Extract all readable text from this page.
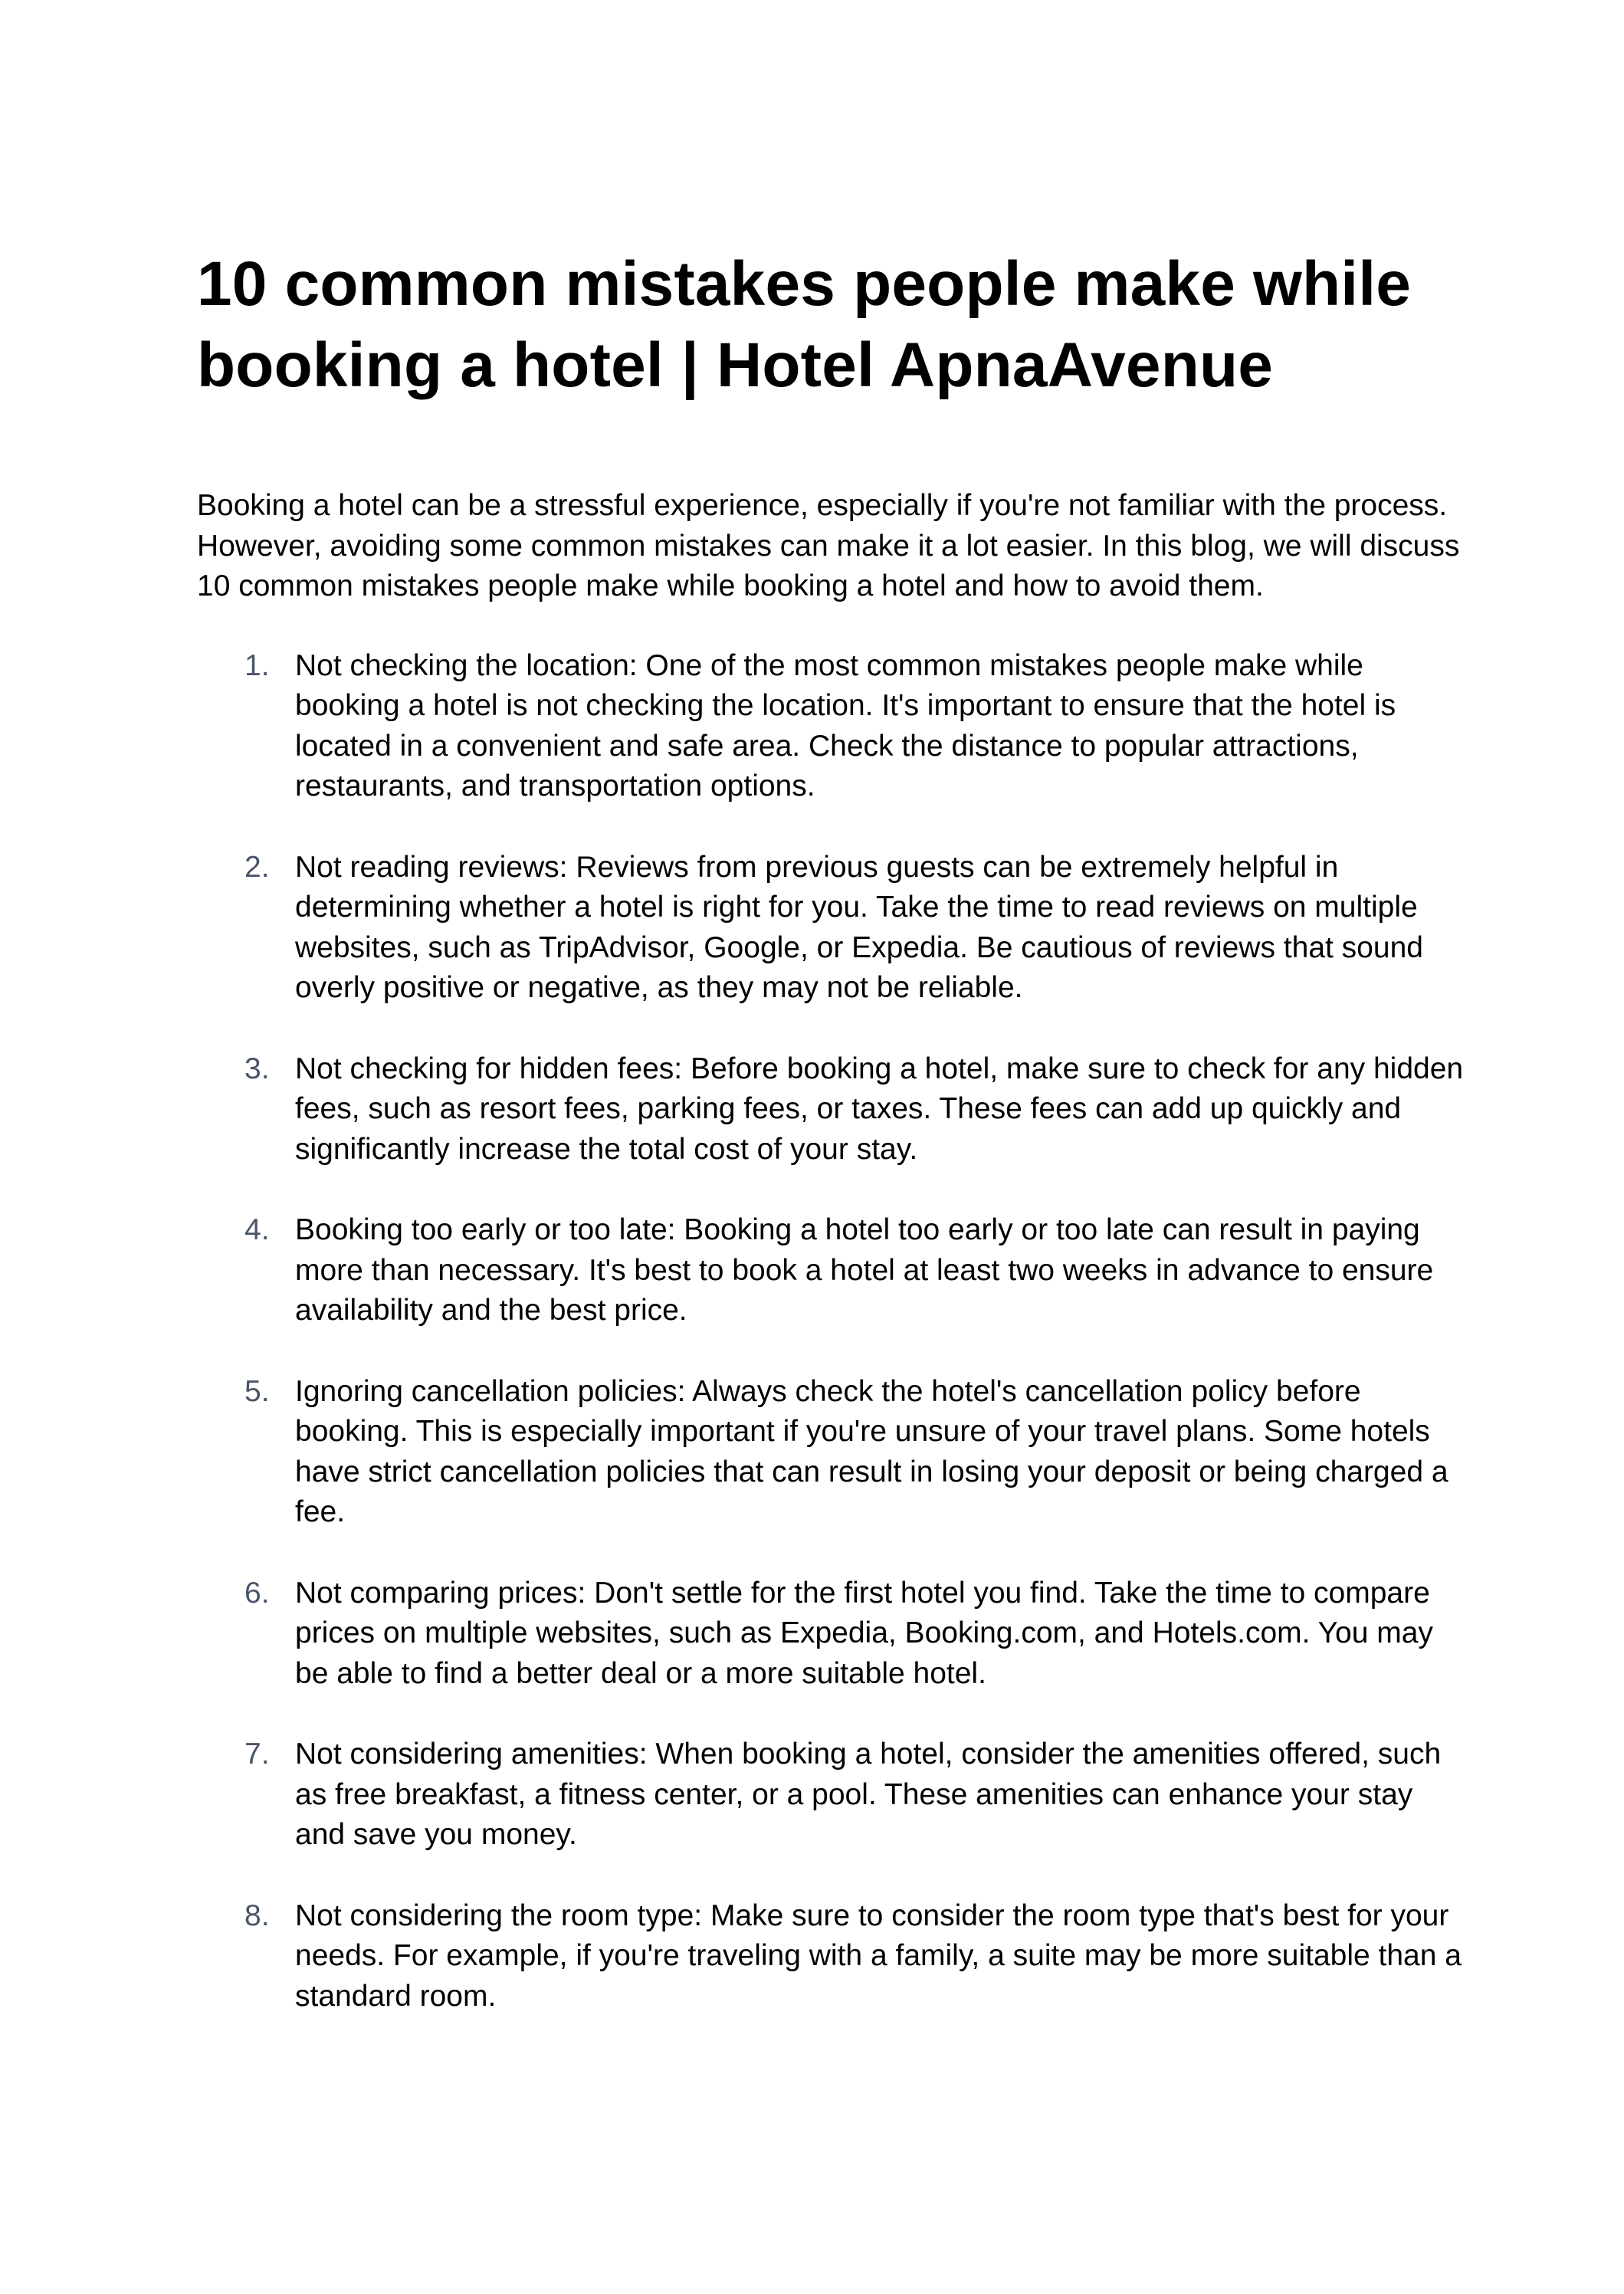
10 common mistakes people make while booking a hotel | Hotel ApnaAvenue

Booking a hotel can be a stressful experience, especially if you're not familiar with the process. However, avoiding some common mistakes can make it a lot easier. In this blog, we will discuss 10 common mistakes people make while booking a hotel and how to avoid them.

1. Not checking the location: One of the most common mistakes people make while booking a hotel is not checking the location. It's important to ensure that the hotel is located in a convenient and safe area. Check the distance to popular attractions, restaurants, and transportation options.
2. Not reading reviews: Reviews from previous guests can be extremely helpful in determining whether a hotel is right for you. Take the time to read reviews on multiple websites, such as TripAdvisor, Google, or Expedia. Be cautious of reviews that sound overly positive or negative, as they may not be reliable.
3. Not checking for hidden fees: Before booking a hotel, make sure to check for any hidden fees, such as resort fees, parking fees, or taxes. These fees can add up quickly and significantly increase the total cost of your stay.
4. Booking too early or too late: Booking a hotel too early or too late can result in paying more than necessary. It's best to book a hotel at least two weeks in advance to ensure availability and the best price.
5. Ignoring cancellation policies: Always check the hotel's cancellation policy before booking. This is especially important if you're unsure of your travel plans. Some hotels have strict cancellation policies that can result in losing your deposit or being charged a fee.
6. Not comparing prices: Don't settle for the first hotel you find. Take the time to compare prices on multiple websites, such as Expedia, Booking.com, and Hotels.com. You may be able to find a better deal or a more suitable hotel.
7. Not considering amenities: When booking a hotel, consider the amenities offered, such as free breakfast, a fitness center, or a pool. These amenities can enhance your stay and save you money.
8. Not considering the room type: Make sure to consider the room type that's best for your needs. For example, if you're traveling with a family, a suite may be more suitable than a standard room.
